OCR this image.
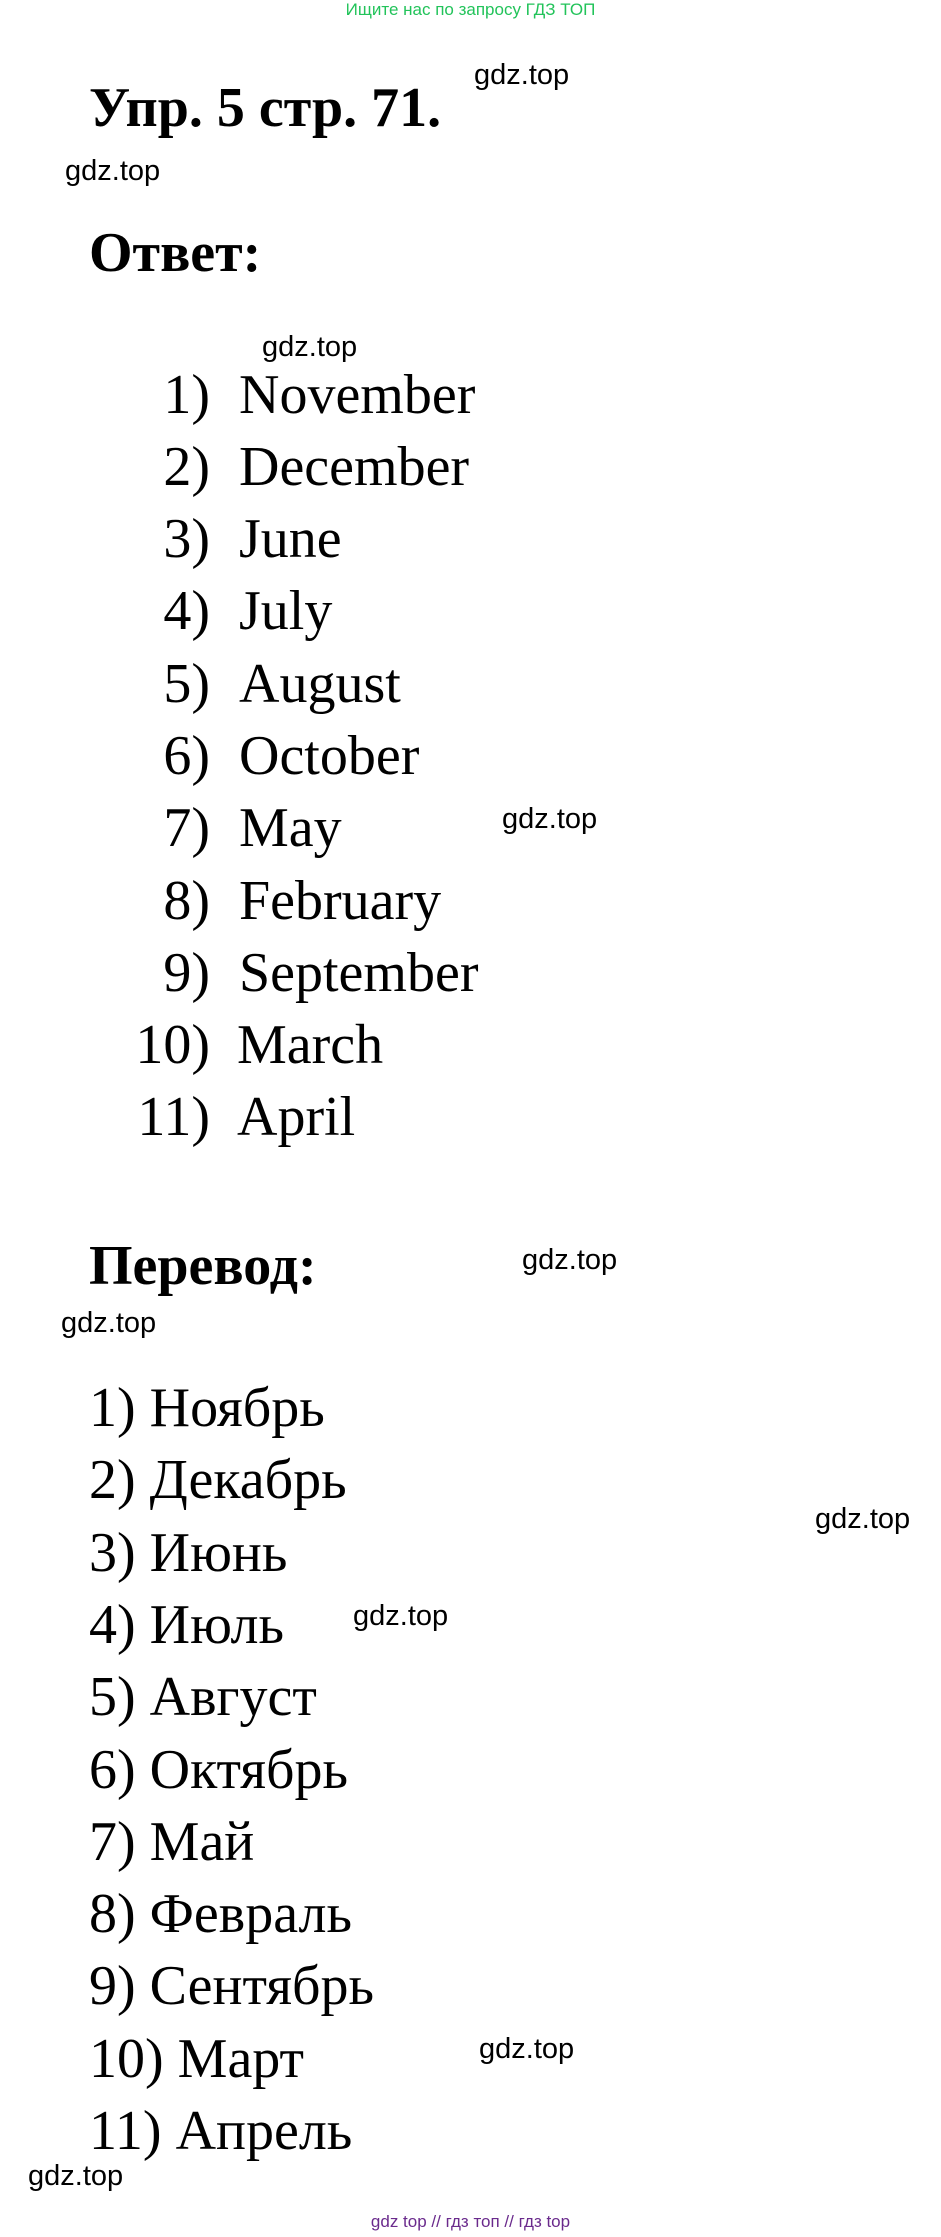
Ищите нас по запросу ГДЗ ТОП
Упр. 5 стр. 71.
gdz.top
gdz.top
Ответ:
gdz.top
1) November
2) December
3) June
4) July
5) August
6) October
7) May
8) February
9) September
10) March
11) April
gdz.top
Перевод:	gdz.top
gdz.top
1) Ноябрь
2) Декабрь
3) Июнь
4) Июль
5) Август
6) Октябрь
7) Май
8) Февраль
9) Сентябрь
10) Март
11) Апрель
gdz.top
gdz.top
gdz.top
gdz.top
gdz top // гдз топ // гдз top
